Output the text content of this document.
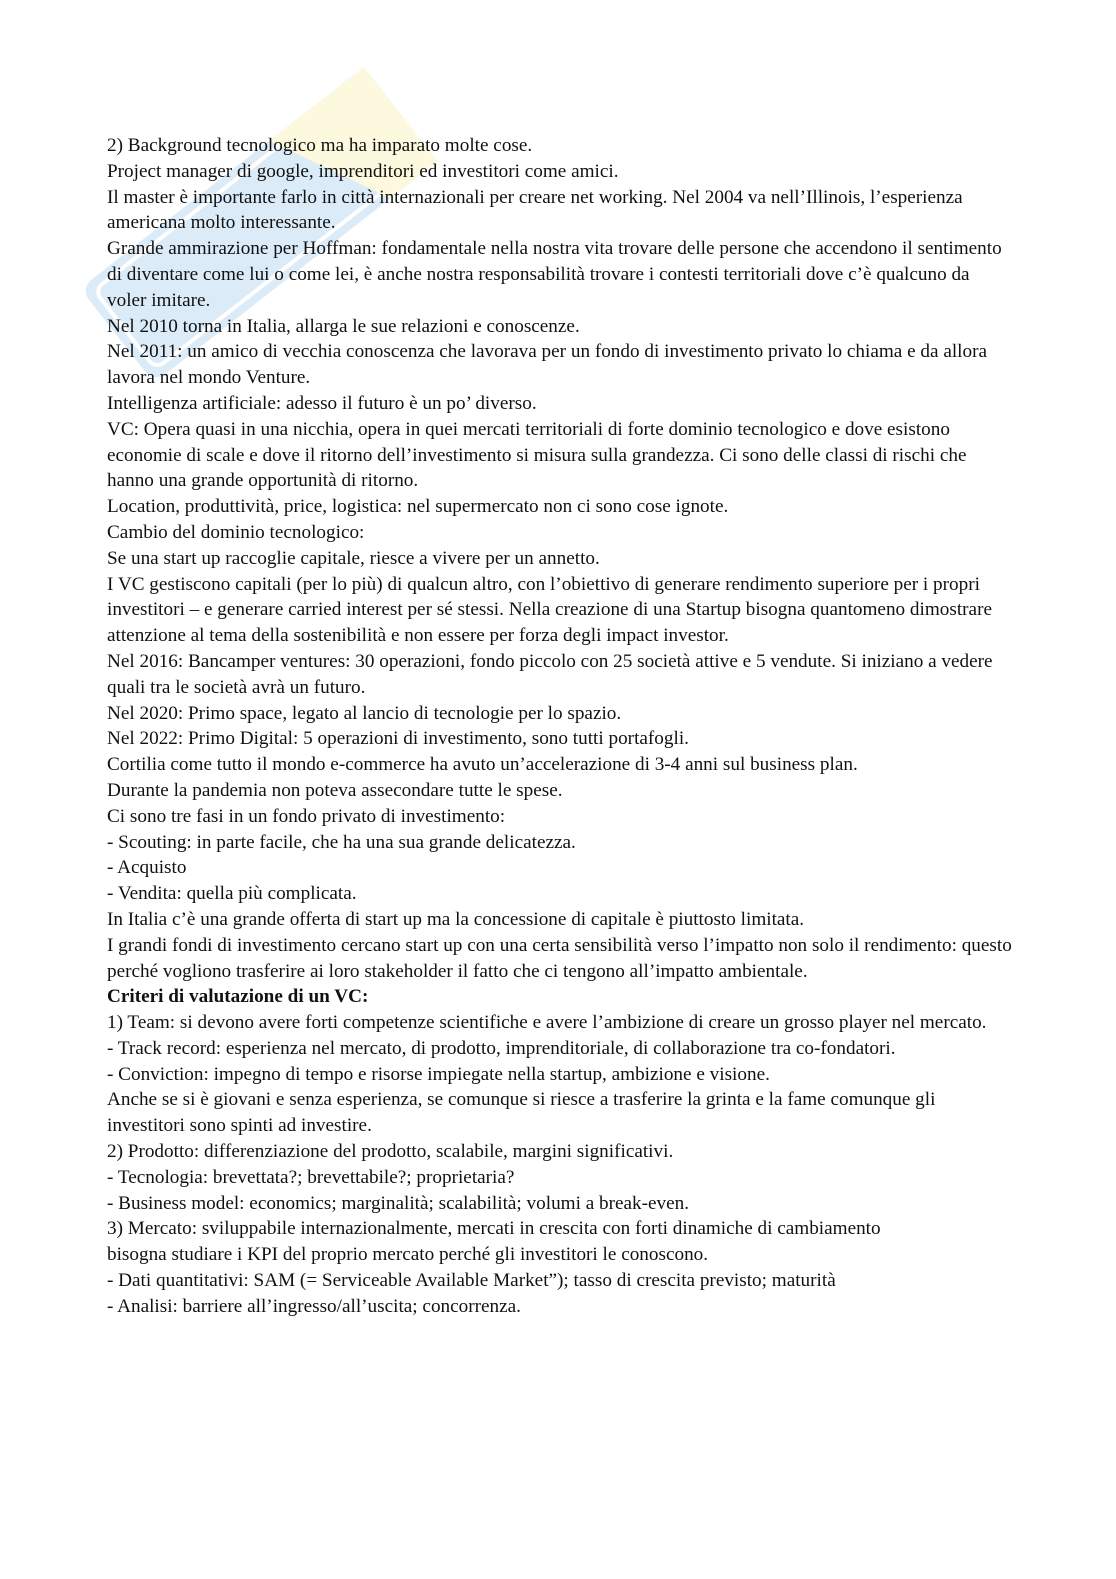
2) Background tecnologico ma ha imparato molte cose.

Project manager di google, imprenditori ed investitori come amici.

Il master è importante farlo in città internazionali per creare net working. Nel 2004 va nell’Illinois, l’esperienza americana molto interessante.

Grande ammirazione per Hoffman: fondamentale nella nostra vita trovare delle persone che accendono il sentimento di diventare come lui o come lei, è anche nostra responsabilità trovare i contesti territoriali dove c’è qualcuno da voler imitare.

Nel 2010 torna in Italia, allarga le sue relazioni e conoscenze.

Nel 2011: un amico di vecchia conoscenza che lavorava per un fondo di investimento privato lo chiama e da allora lavora nel mondo Venture.

Intelligenza artificiale: adesso il futuro è un po’ diverso.

VC: Opera quasi in una nicchia, opera in quei mercati territoriali di forte dominio tecnologico e dove esistono economie di scale e dove il ritorno dell’investimento si misura sulla grandezza. Ci sono delle classi di rischi che hanno una grande opportunità di ritorno.

Location, produttività, price, logistica: nel supermercato non ci sono cose ignote.

Cambio del dominio tecnologico:

Se una start up raccoglie capitale, riesce a vivere per un annetto.

I VC gestiscono capitali (per lo più) di qualcun altro, con l’obiettivo di generare rendimento superiore per i propri investitori – e generare carried interest per sé stessi. Nella creazione di una Startup bisogna quantomeno dimostrare attenzione al tema della sostenibilità e non essere per forza degli impact investor.

Nel 2016: Bancamper ventures: 30 operazioni, fondo piccolo con 25 società attive e 5 vendute. Si iniziano a vedere quali tra le società avrà un futuro.

Nel 2020: Primo space, legato al lancio di tecnologie per lo spazio.

Nel 2022: Primo Digital: 5 operazioni di investimento, sono tutti portafogli.

Cortilia come tutto il mondo e-commerce ha avuto un’accelerazione di 3-4 anni sul business plan.

Durante la pandemia non poteva assecondare tutte le spese.

Ci sono tre fasi in un fondo privato di investimento:

- Scouting: in parte facile, che ha una sua grande delicatezza.

- Acquisto

- Vendita: quella più complicata.

In Italia c’è una grande offerta di start up ma la concessione di capitale è piuttosto limitata.

I grandi fondi di investimento cercano start up con una certa sensibilità verso l’impatto non solo il rendimento: questo perché vogliono trasferire ai loro stakeholder il fatto che ci tengono all’impatto ambientale.

Criteri di valutazione di un VC:

1) Team: si devono avere forti competenze scientifiche e avere l’ambizione di creare un grosso player nel mercato.

- Track record: esperienza nel mercato, di prodotto, imprenditoriale, di collaborazione tra co-fondatori.

- Conviction: impegno di tempo e risorse impiegate nella startup, ambizione e visione.

Anche se si è giovani e senza esperienza, se comunque si riesce a trasferire la grinta e la fame comunque gli investitori sono spinti ad investire.

2) Prodotto: differenziazione del prodotto, scalabile, margini significativi.

- Tecnologia: brevettata?; brevettabile?; proprietaria?

- Business model: economics; marginalità; scalabilità; volumi a break-even.

3) Mercato: sviluppabile internazionalmente, mercati in crescita con forti dinamiche di cambiamento

bisogna studiare i KPI del proprio mercato perché gli investitori le conoscono.

- Dati quantitativi: SAM (= Serviceable Available Market”); tasso di crescita previsto; maturità

- Analisi: barriere all’ingresso/all’uscita; concorrenza.
